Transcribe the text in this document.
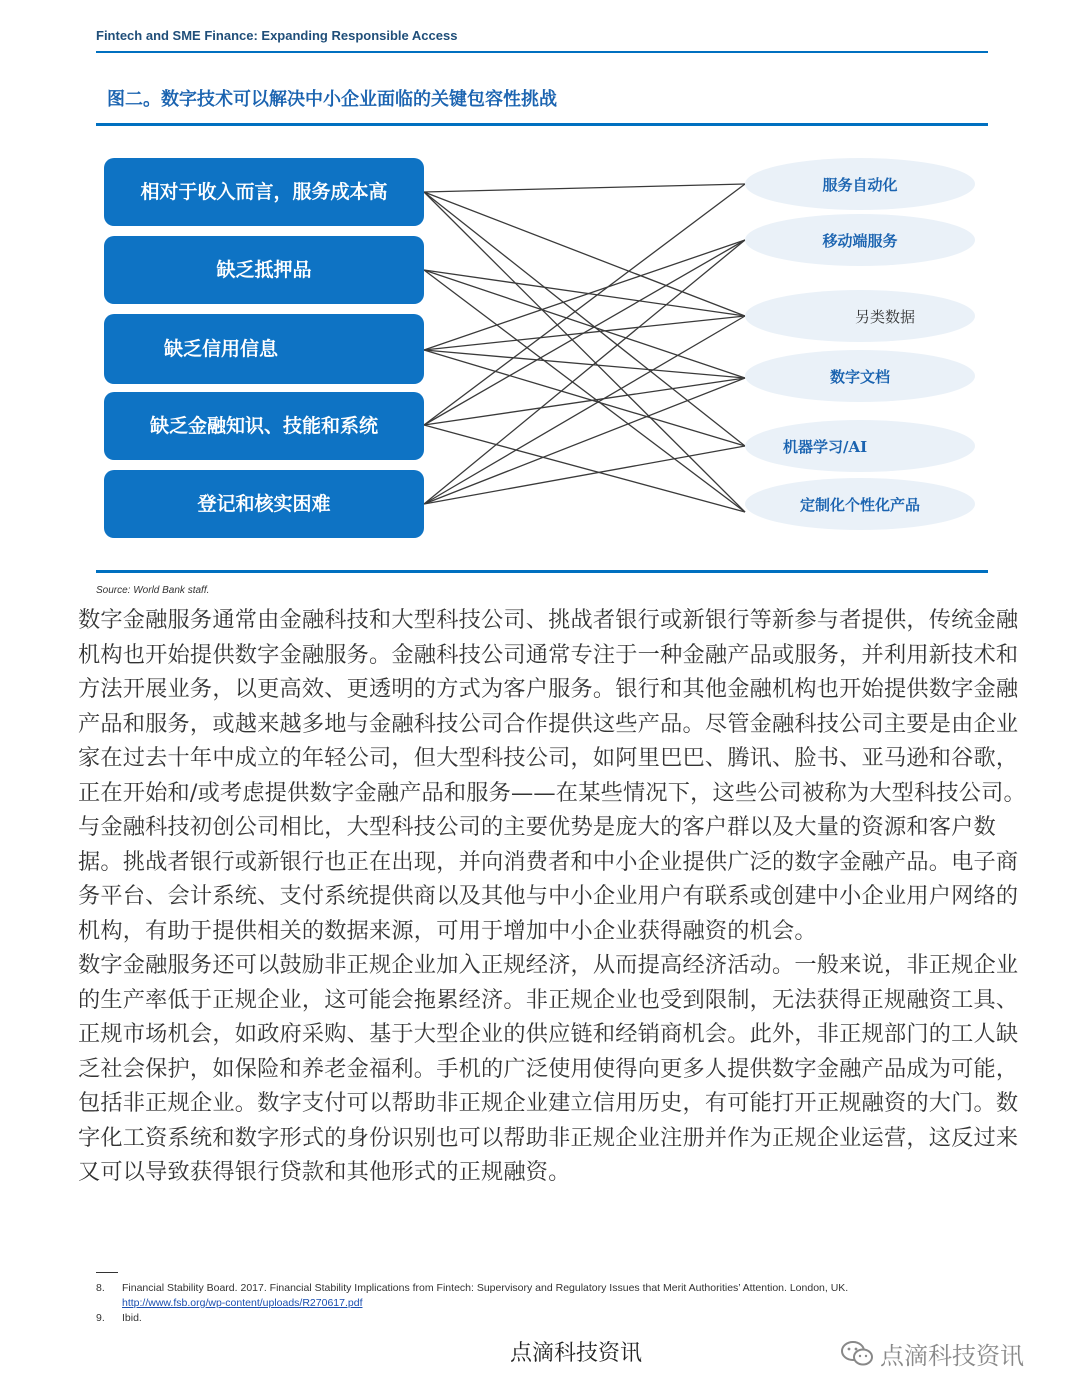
Fintech and SME Finance: Expanding Responsible Access
图二。数字技术可以解决中小企业面临的关键包容性挑战
相对于收入而言，服务成本高
缺乏抵押品
缺乏信用信息
缺乏金融知识、技能和系统
登记和核实困难
服务自动化
移动端服务
另类数据
数字文档
机器学习/AI
定制化个性化产品
Source: World Bank staff.

数字金融服务通常由金融科技和大型科技公司、挑战者银行或新银行等新参与者提供，传统金融机构也开始提供数字金融服务。金融科技公司通常专注于一种金融产品或服务，并利用新技术和方法开展业务，以更高效、更透明的方式为客户服务。银行和其他金融机构也开始提供数字金融产品和服务，或越来越多地与金融科技公司合作提供这些产品。尽管金融科技公司主要是由企业家在过去十年中成立的年轻公司，但大型科技公司，如阿里巴巴、腾讯、脸书、亚马逊和谷歌，正在开始和/或考虑提供数字金融产品和服务——在某些情况下，这些公司被称为大型科技公司。与金融科技初创公司相比，大型科技公司的主要优势是庞大的客户群以及大量的资源和客户数据。挑战者银行或新银行也正在出现，并向消费者和中小企业提供广泛的数字金融产品。电子商务平台、会计系统、支付系统提供商以及其他与中小企业用户有联系或创建中小企业用户网络的机构，有助于提供相关的数据来源，可用于增加中小企业获得融资的机会。

数字金融服务还可以鼓励非正规企业加入正规经济，从而提高经济活动。一般来说，非正规企业的生产率低于正规企业，这可能会拖累经济。非正规企业也受到限制，无法获得正规融资工具、正规市场机会，如政府采购、基于大型企业的供应链和经销商机会。此外，非正规部门的工人缺乏社会保护，如保险和养老金福利。手机的广泛使用使得向更多人提供数字金融产品成为可能，包括非正规企业。数字支付可以帮助非正规企业建立信用历史，有可能打开正规融资的大门。数字化工资系统和数字形式的身份识别也可以帮助非正规企业注册并作为正规企业运营，这反过来又可以导致获得银行贷款和其他形式的正规融资。

8. Financial Stability Board. 2017. Financial Stability Implications from Fintech: Supervisory and Regulatory Issues that Merit Authorities’ Attention. London, UK.
http://www.fsb.org/wp-content/uploads/R270617.pdf
9. Ibid.
点滴科技资讯	点滴科技资讯
